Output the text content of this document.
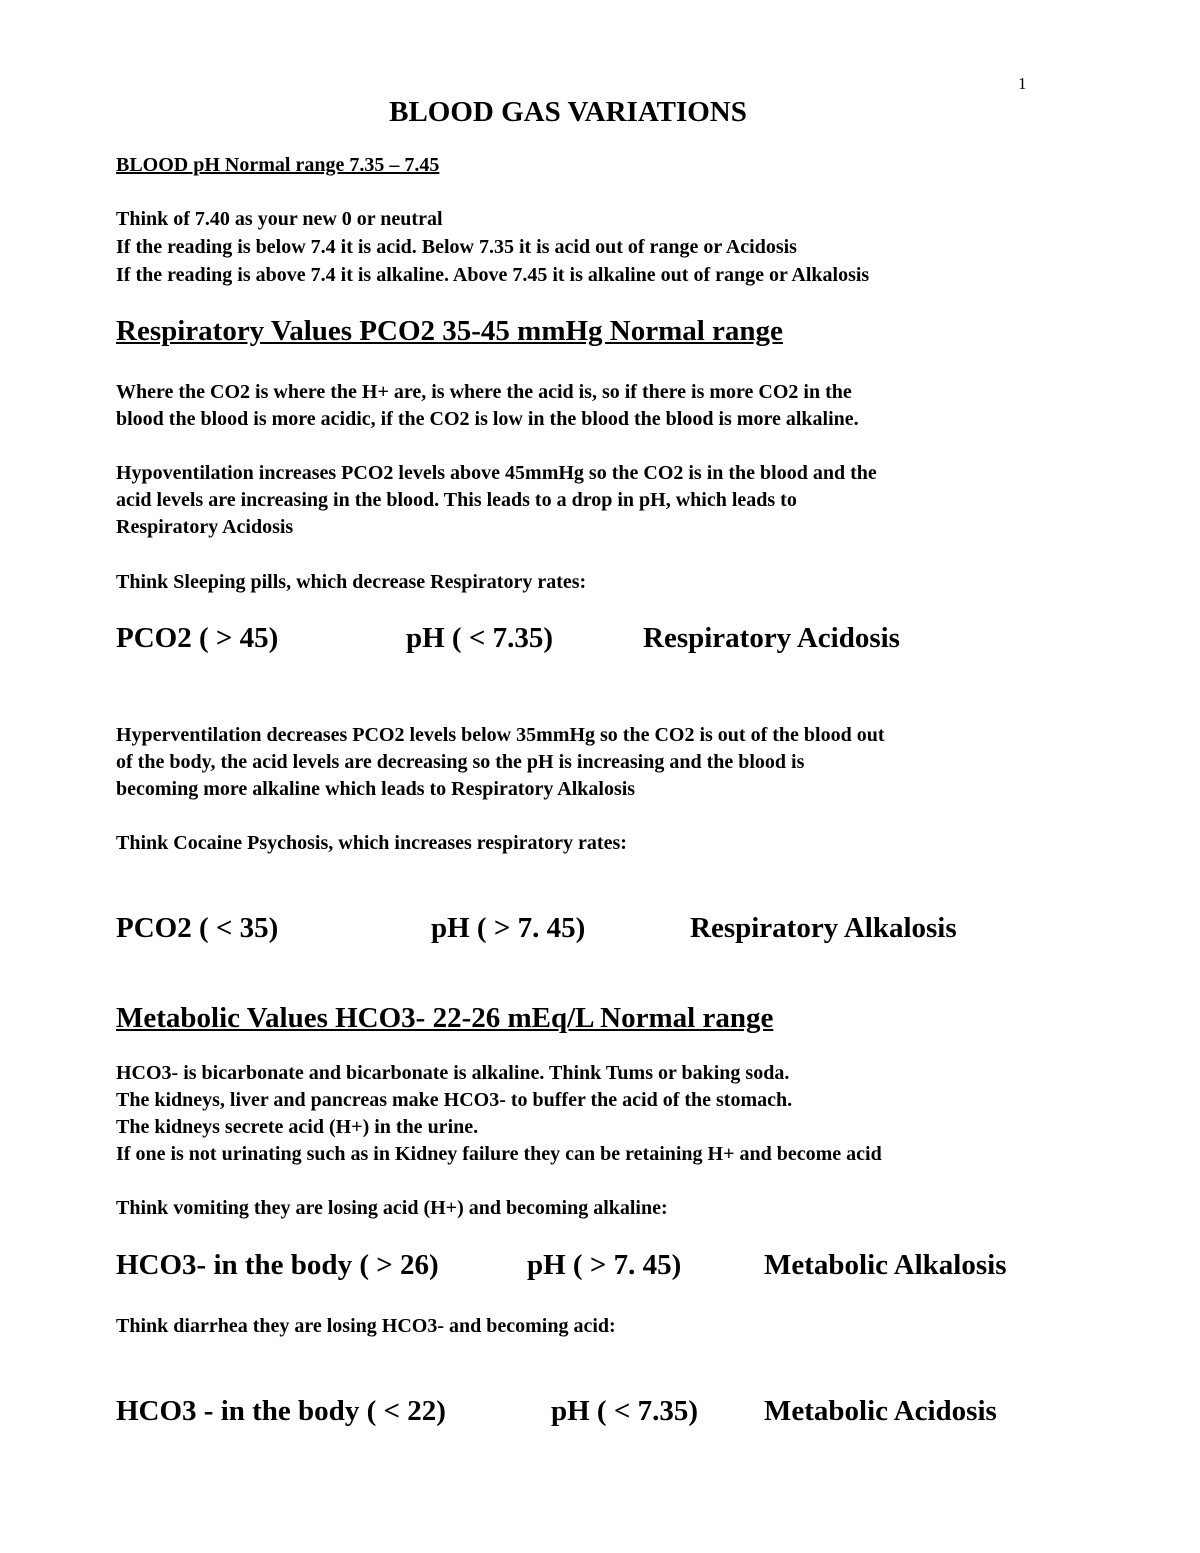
1
BLOOD GAS VARIATIONS
BLOOD pH Normal range 7.35 – 7.45
Think of 7.40 as your new 0 or neutral
If the reading is below 7.4 it is acid. Below 7.35 it is acid out of range or Acidosis
If the reading is above 7.4 it is alkaline. Above 7.45 it is alkaline out of range or Alkalosis
Respiratory Values PCO2 35-45 mmHg Normal range
Where the CO2 is where the H+ are, is where the acid is, so if there is more CO2 in the
blood the blood is more acidic, if the CO2 is low in the blood the blood is more alkaline.
Hypoventilation increases PCO2 levels above 45mmHg so the CO2 is in the blood and the
acid levels are increasing in the blood. This leads to a drop in pH, which leads to
Respiratory Acidosis
Think Sleeping pills, which decrease Respiratory rates:
PCO2 ( > 45)	pH ( < 7.35)	Respiratory Acidosis
Hyperventilation decreases PCO2 levels below 35mmHg so the CO2 is out of the blood out
of the body, the acid levels are decreasing so the pH is increasing and the blood is
becoming more alkaline which leads to Respiratory Alkalosis
Think Cocaine Psychosis, which increases respiratory rates:
PCO2 ( < 35)	pH ( > 7. 45)	Respiratory Alkalosis
Metabolic Values HCO3- 22-26 mEq/L Normal range
HCO3- is bicarbonate and bicarbonate is alkaline. Think Tums or baking soda.
The kidneys, liver and pancreas make HCO3- to buffer the acid of the stomach.
The kidneys secrete acid (H+) in the urine.
If one is not urinating such as in Kidney failure they can be retaining H+ and become acid
Think vomiting they are losing acid (H+) and becoming alkaline:
HCO3- in the body ( > 26)	pH ( > 7. 45)	Metabolic Alkalosis
Think diarrhea they are losing HCO3- and becoming acid:
HCO3 - in the body ( < 22)	pH ( < 7.35) Metabolic Acidosis
